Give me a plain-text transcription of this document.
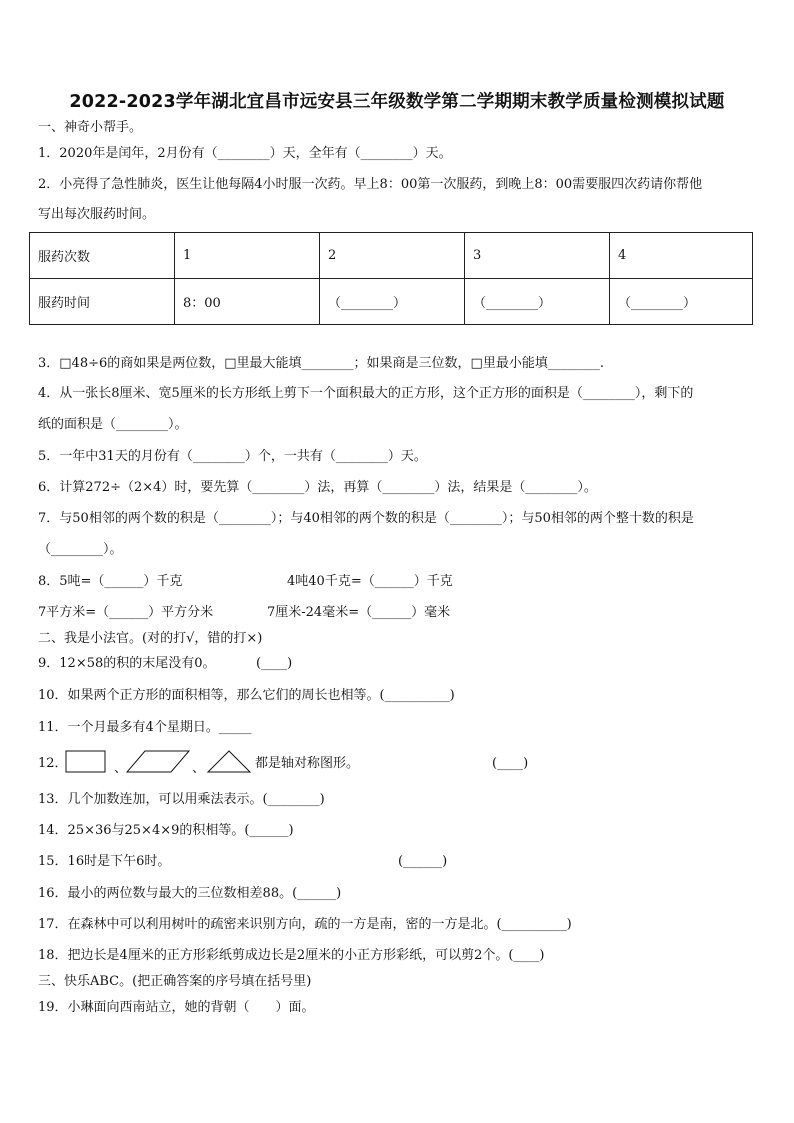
2022-2023学年湖北宜昌市远安县三年级数学第二学期期末教学质量检测模拟试题
一、神奇小帮手。
1．2020年是闰年，2月份有（________）天，全年有（________）天。
2．小亮得了急性肺炎，医生让他每隔4小时服一次药。早上8：00第一次服药，到晚上8：00需要服四次药请你帮他
写出每次服药时间。
服药次数	1	2	3	4
服药时间	8：00	（________）	（________）	（________）
3．□48÷6的商如果是两位数，□里最大能填________；如果商是三位数，□里最小能填________.
4．从一张长8厘米、宽5厘米的长方形纸上剪下一个面积最大的正方形，这个正方形的面积是（________），剩下的
纸的面积是（________）。
5．一年中31天的月份有（________）个，一共有（________）天。
6．计算272÷（2×4）时，要先算（________）法，再算（________）法，结果是（________）。
7．与50相邻的两个数的积是（________）；与40相邻的两个数的积是（________）；与50相邻的两个整十数的积是
（________）。
8．5吨=（______）千克	4吨40千克=（______）千克
7平方米=（______）平方分米	7厘米-24毫米=（______）毫米
二、我是小法官。(对的打√，错的打×)
9．12×58的积的末尾没有0。	(____)
10．如果两个正方形的面积相等，那么它们的周长也相等。(__________)
11．一个月最多有4个星期日。_____
12．	、	、	都是轴对称图形。	(____)
13．几个加数连加，可以用乘法表示。(________)
14．25×36与25×4×9的积相等。(______)
15．16时是下午6时。	(______)
16．最小的两位数与最大的三位数相差88。(______)
17．在森林中可以利用树叶的疏密来识别方向，疏的一方是南，密的一方是北。(__________)
18．把边长是4厘米的正方形彩纸剪成边长是2厘米的小正方形彩纸，可以剪2个。(____)
三、快乐ABC。(把正确答案的序号填在括号里)
19．小琳面向西南站立，她的背朝（　　）面。
